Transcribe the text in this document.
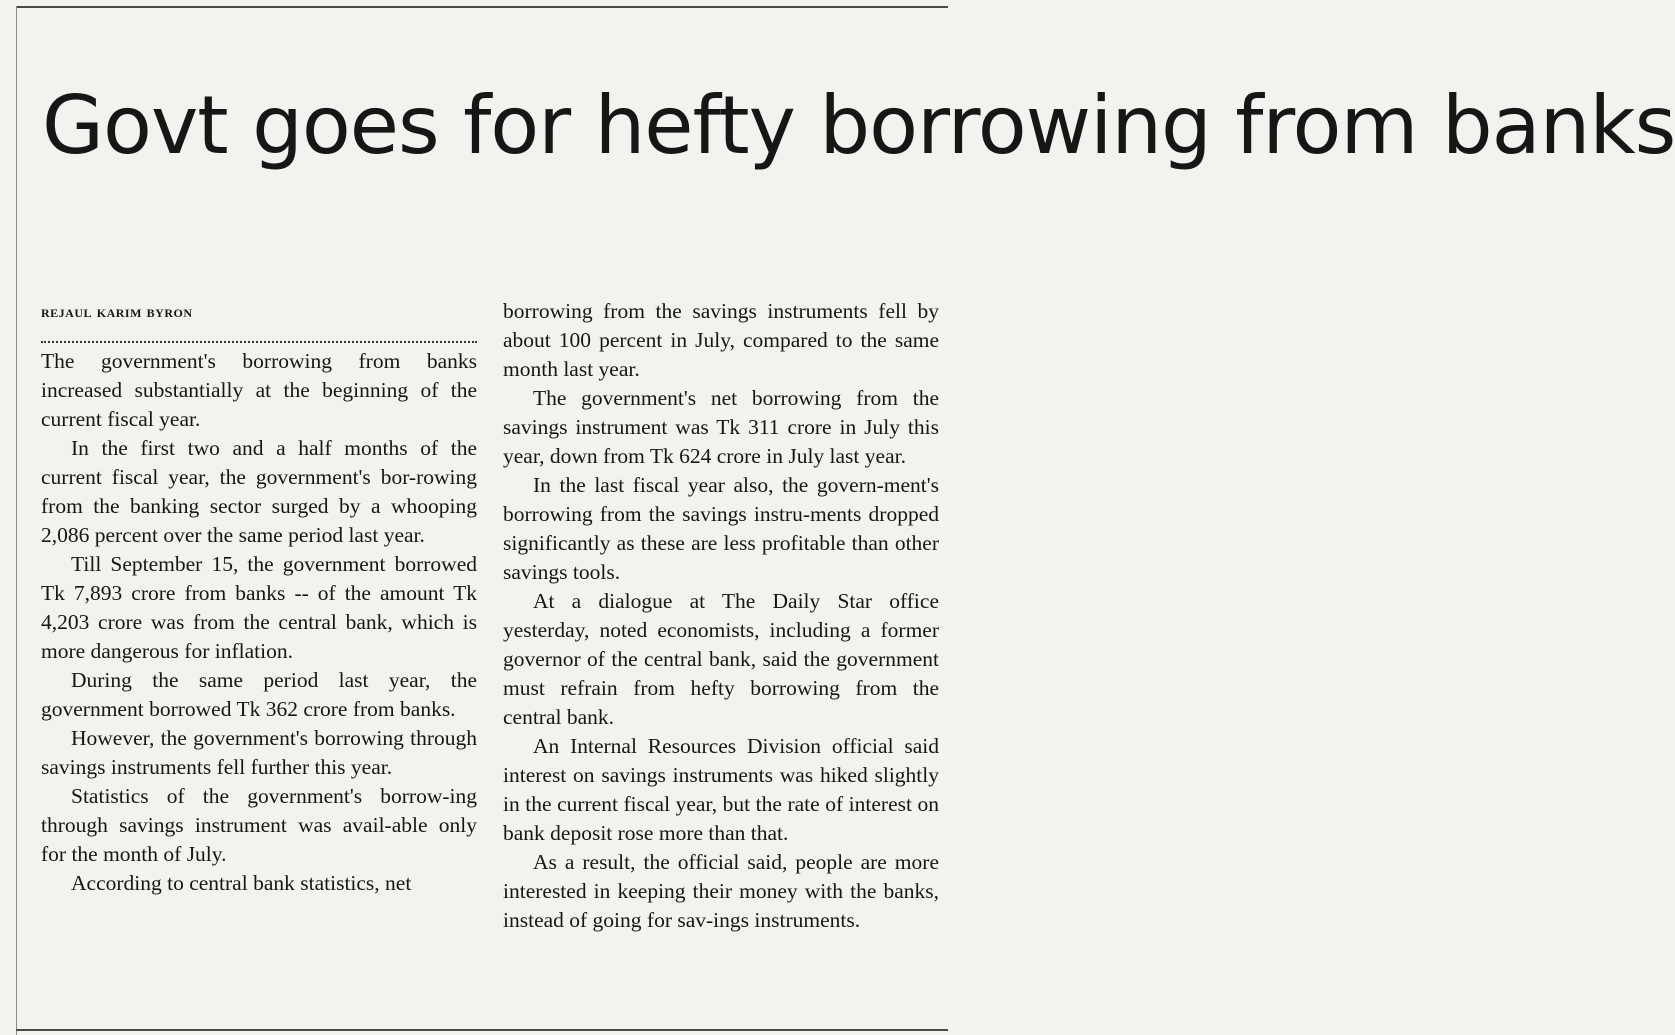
Govt goes for hefty borrowing from banks
rejaul karim byron

The government's borrowing from banks increased substantially at the beginning of the current fiscal year.

In the first two and a half months of the current fiscal year, the government's bor-rowing from the banking sector surged by a whooping 2,086 percent over the same period last year.

Till September 15, the government borrowed Tk 7,893 crore from banks -- of the amount Tk 4,203 crore was from the central bank, which is more dangerous for inflation.

During the same period last year, the government borrowed Tk 362 crore from banks.

However, the government's borrowing through savings instruments fell further this year.

Statistics of the government's borrow-ing through savings instrument was avail-able only for the month of July.

According to central bank statistics, net

borrowing from the savings instruments fell by about 100 percent in July, compared to the same month last year.

The government's net borrowing from the savings instrument was Tk 311 crore in July this year, down from Tk 624 crore in July last year.

In the last fiscal year also, the govern-ment's borrowing from the savings instru-ments dropped significantly as these are less profitable than other savings tools.

At a dialogue at The Daily Star office yesterday, noted economists, including a former governor of the central bank, said the government must refrain from hefty borrowing from the central bank.

An Internal Resources Division official said interest on savings instruments was hiked slightly in the current fiscal year, but the rate of interest on bank deposit rose more than that.

As a result, the official said, people are more interested in keeping their money with the banks, instead of going for sav-ings instruments.
